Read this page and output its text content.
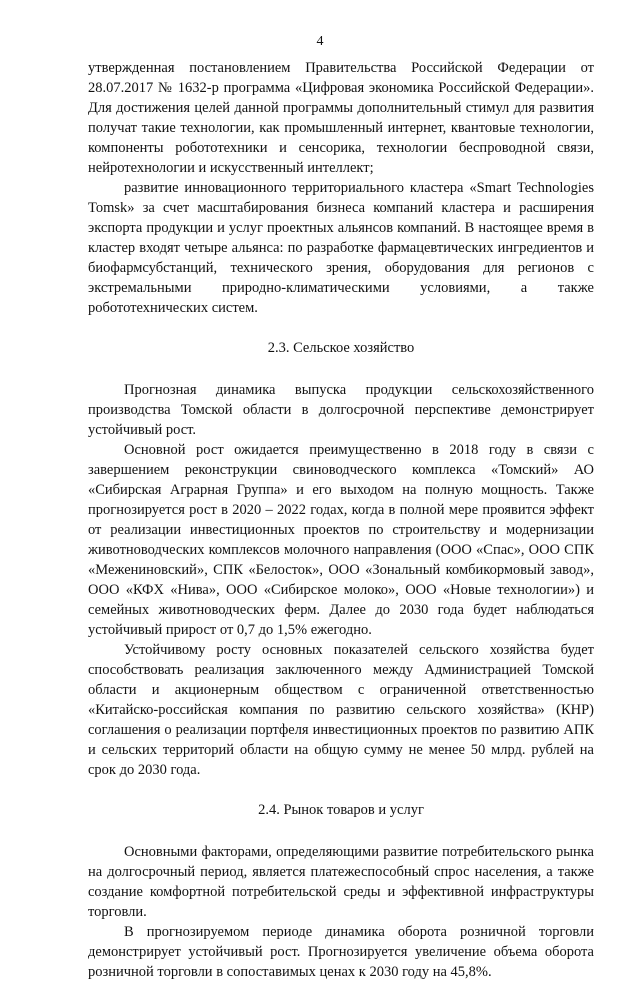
4

утвержденная постановлением Правительства Российской Федерации от 28.07.2017 № 1632-р программа «Цифровая экономика Российской Федерации». Для достижения целей данной программы дополнительный стимул для развития получат такие технологии, как промышленный интернет, квантовые технологии, компоненты робототехники и сенсорика, технологии беспроводной связи, нейротехнологии и искусственный интеллект;

развитие инновационного территориального кластера «Smart Technologies Tomsk» за счет масштабирования бизнеса компаний кластера и расширения экспорта продукции и услуг проектных альянсов компаний. В настоящее время в кластер входят четыре альянса: по разработке фармацевтических ингредиентов и биофармсубстанций, технического зрения, оборудования для регионов с экстремальными природно-климатическими условиями, а также робототехнических систем.

2.3. Сельское хозяйство

Прогнозная динамика выпуска продукции сельскохозяйственного производства Томской области в долгосрочной перспективе демонстрирует устойчивый рост.

Основной рост ожидается преимущественно в 2018 году в связи с завершением реконструкции свиноводческого комплекса «Томский» АО «Сибирская Аграрная Группа» и его выходом на полную мощность. Также прогнозируется рост в 2020 – 2022 годах, когда в полной мере проявится эффект от реализации инвестиционных проектов по строительству и модернизации животноводческих комплексов молочного направления (ООО «Спас», ООО СПК «Межениновский», СПК «Белосток», ООО «Зональный комбикормовый завод», ООО «КФХ «Нива», ООО «Сибирское молоко», ООО «Новые технологии») и семейных животноводческих ферм. Далее до 2030 года будет наблюдаться устойчивый прирост от 0,7 до 1,5% ежегодно.

Устойчивому росту основных показателей сельского хозяйства будет способствовать реализация заключенного между Администрацией Томской области и акционерным обществом с ограниченной ответственностью «Китайско-российская компания по развитию сельского хозяйства» (КНР) соглашения о реализации портфеля инвестиционных проектов по развитию АПК и сельских территорий области на общую сумму не менее 50 млрд. рублей на срок до 2030 года.

2.4. Рынок товаров и услуг

Основными факторами, определяющими развитие потребительского рынка на долгосрочный период, является платежеспособный спрос населения, а также создание комфортной потребительской среды и эффективной инфраструктуры торговли.

В прогнозируемом периоде динамика оборота розничной торговли демонстрирует устойчивый рост. Прогнозируется увеличение объема оборота розничной торговли в сопоставимых ценах к 2030 году на 45,8%.
